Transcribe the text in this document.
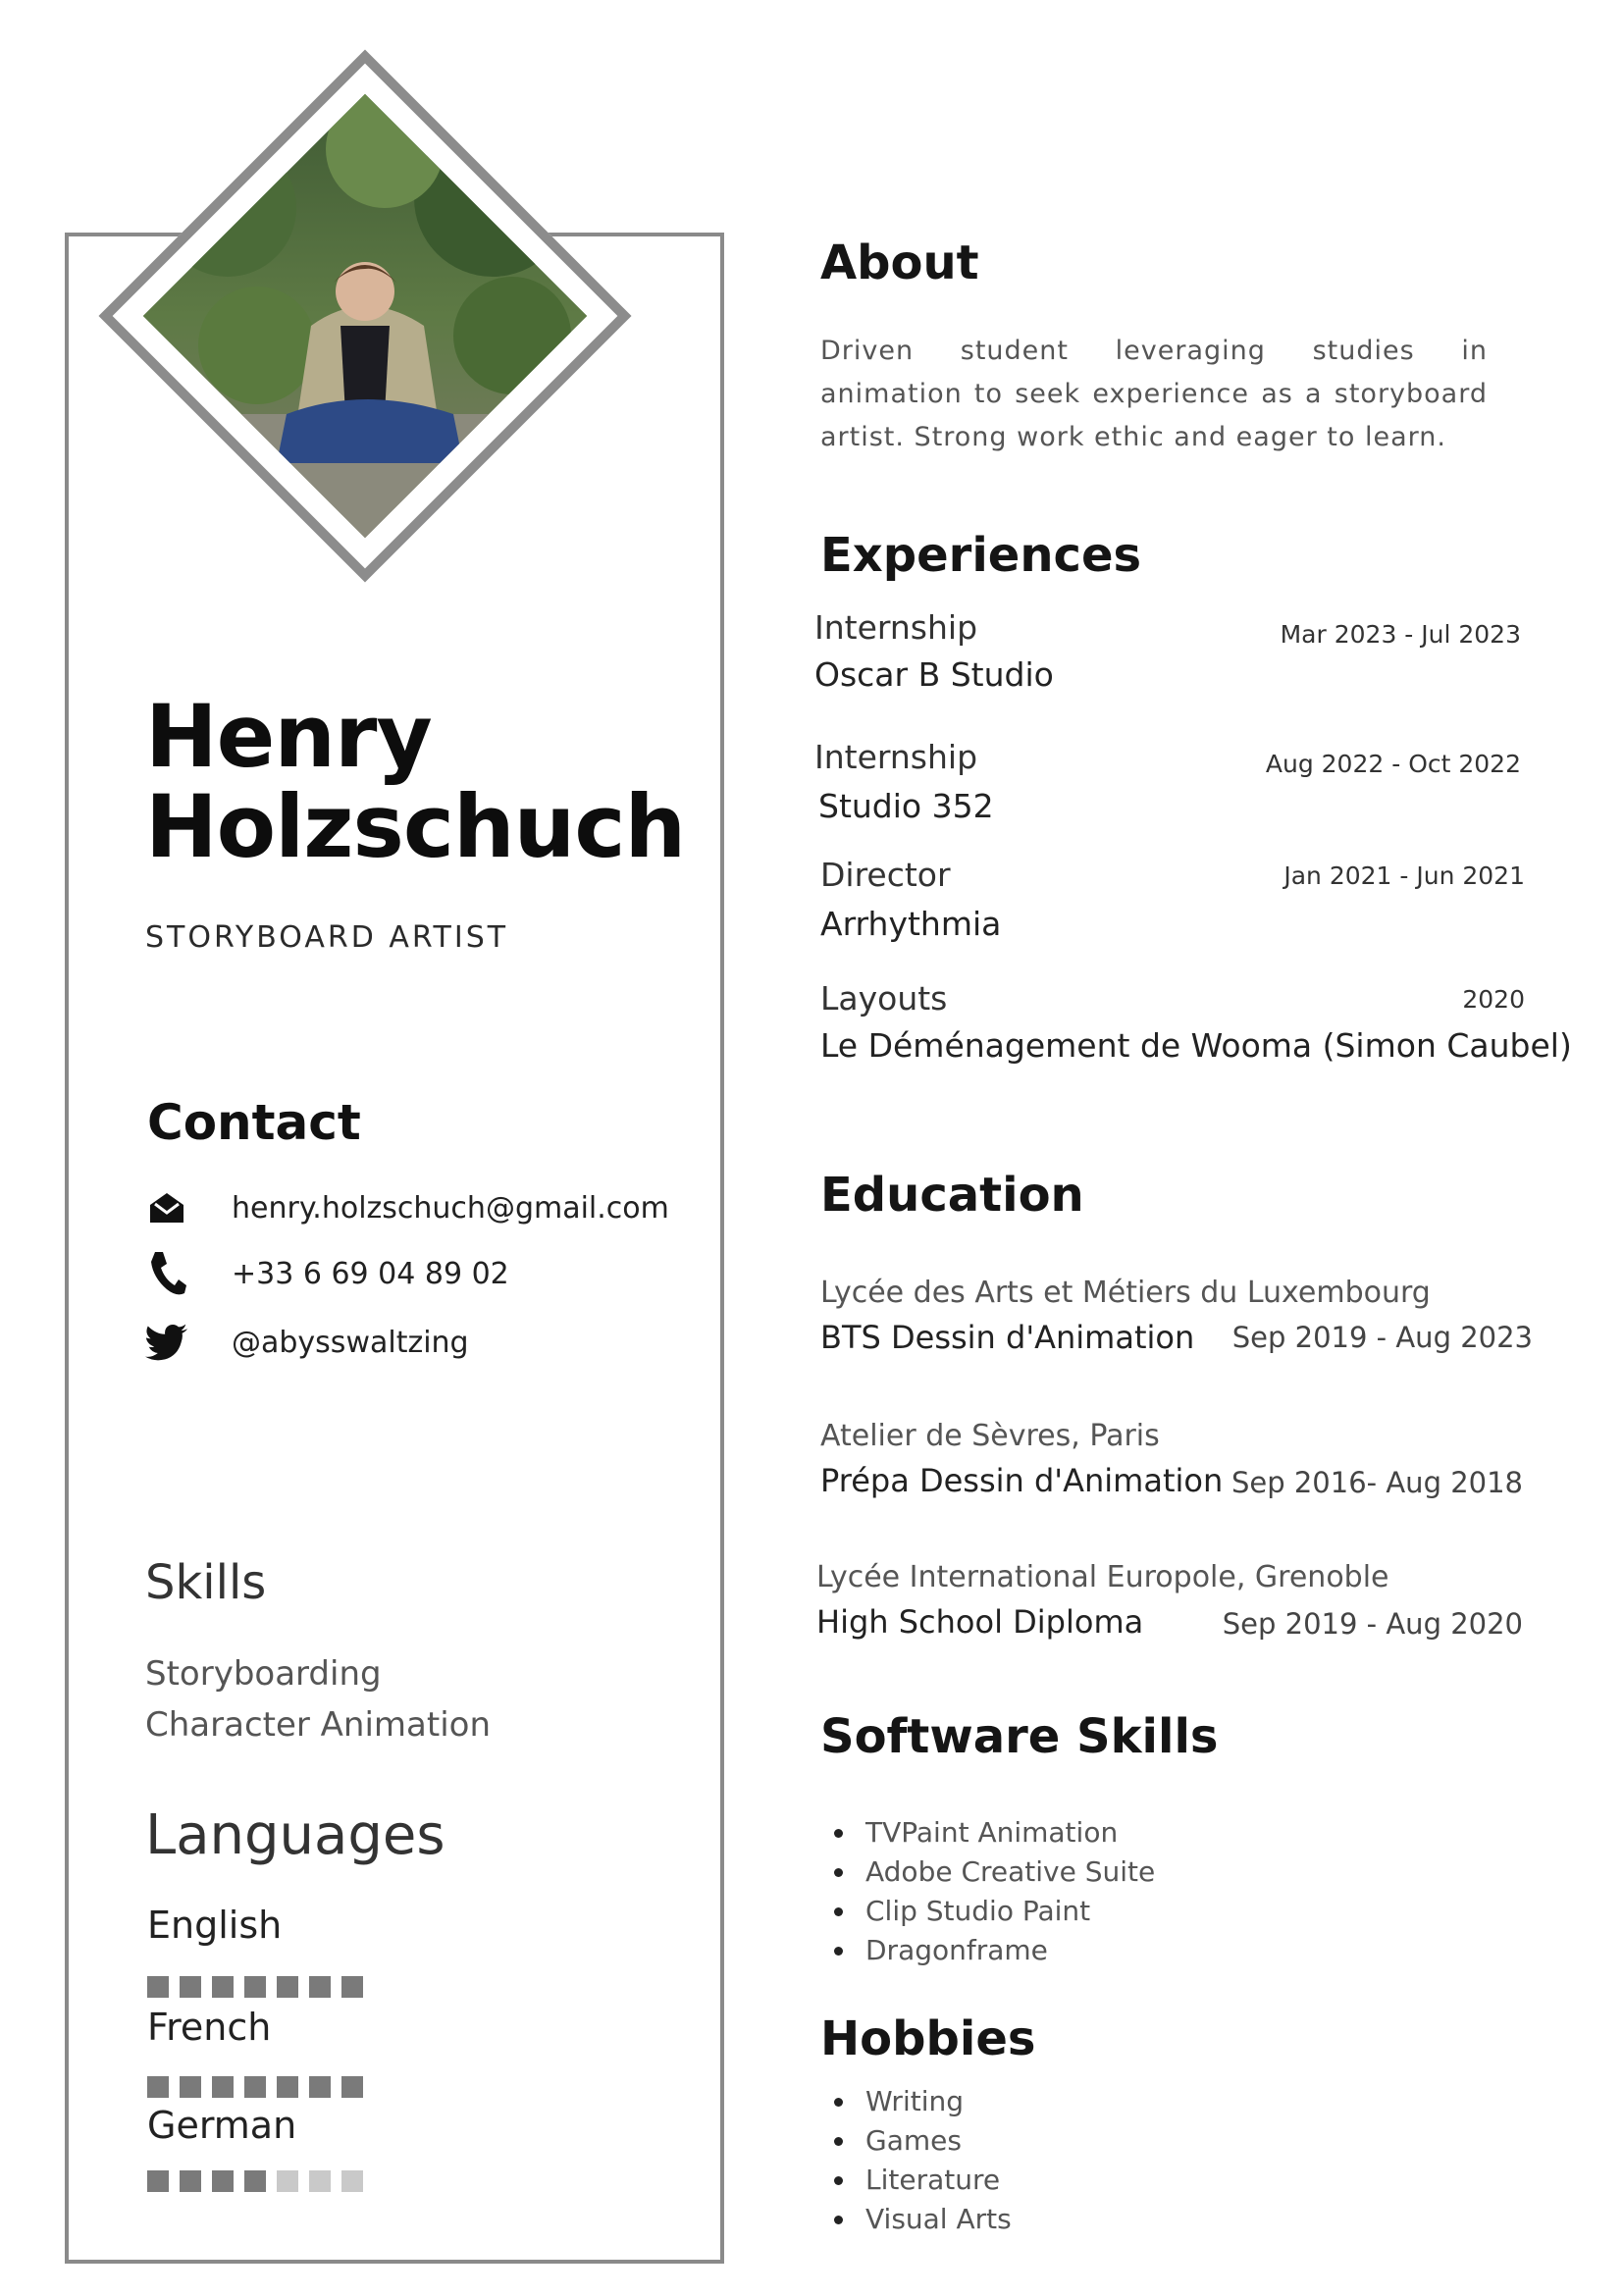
Henry
Holzschuch
STORYBOARD ARTIST
Contact
henry.holzschuch@gmail.com
+33 6 69 04 89 02
@abysswaltzing
Skills
Storyboarding
Character Animation
Languages
English
French
German
About
Driven student leveraging studies in animation to seek experience as a storyboard artist. Strong work ethic and eager to learn.
Experiences
Internship	Mar 2023 - Jul 2023
Oscar B Studio
Internship	Aug 2022 - Oct 2022
Studio 352
Director	Jan 2021 - Jun 2021
Arrhythmia
Layouts	2020
Le Déménagement de Wooma (Simon Caubel)
Education
Lycée des Arts et Métiers du Luxembourg
BTS Dessin d'Animation Sep 2019 - Aug 2023
Atelier de Sèvres, Paris
Prépa Dessin d'Animation Sep 2016- Aug 2018
Lycée International Europole, Grenoble
High School Diploma	Sep 2019 - Aug 2020
Software Skills
TVPaint Animation
Adobe Creative Suite
Clip Studio Paint
Dragonframe
Hobbies
Writing
Games
Literature
Visual Arts
